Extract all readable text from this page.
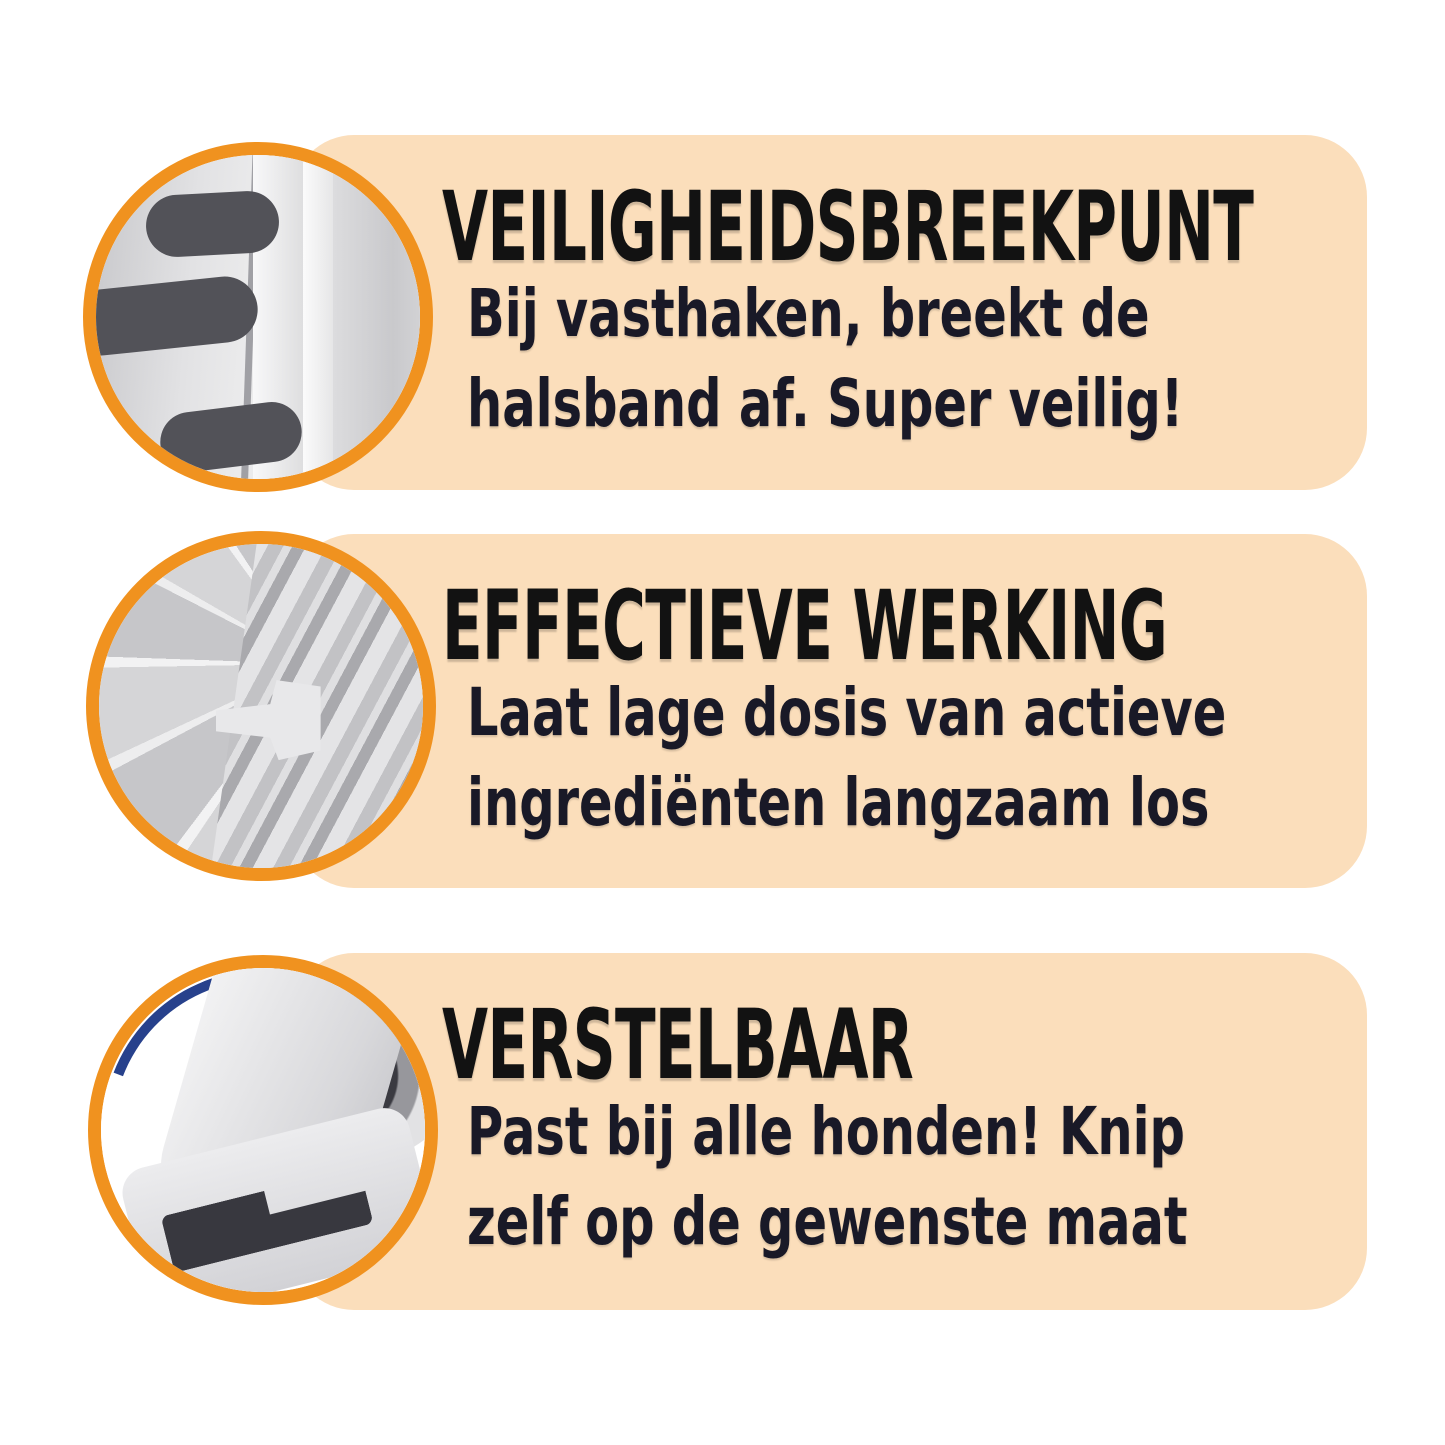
VEILIGHEIDSBREEKPUNT

Bij vasthaken, breekt de
halsband af. Super veilig!

EFFECTIEVE WERKING

Laat lage dosis van actieve
ingrediënten langzaam los

VERSTELBAAR

Past bij alle honden! Knip
zelf op de gewenste maat
